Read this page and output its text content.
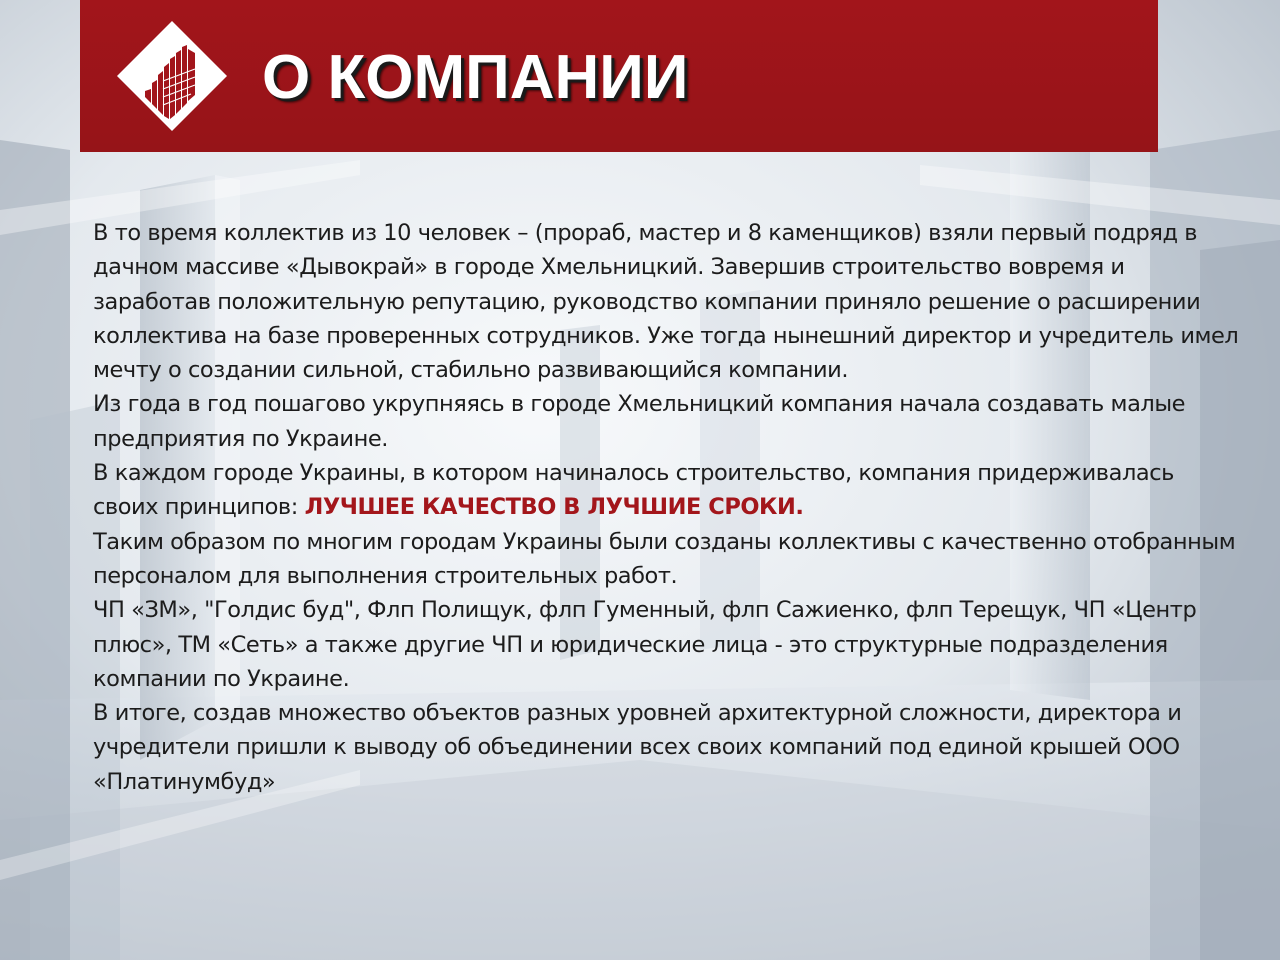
О КОМПАНИИ

В то время коллектив из 10 человек – (прораб, мастер и 8 каменщиков) взяли первый подряд в дачном массиве «Дывокрай» в городе Хмельницкий. Завершив строительство вовремя и заработав положительную репутацию, руководство компании приняло решение о расширении коллектива на базе проверенных сотрудников. Уже тогда нынешний директор и учредитель имел мечту о создании сильной, стабильно развивающийся компании.

Из года в год пошагово укрупняясь в городе Хмельницкий компания начала создавать малые предприятия по Украине.

В каждом городе Украины, в котором начиналось строительство, компания придерживалась своих принципов: ЛУЧШЕЕ КАЧЕСТВО В ЛУЧШИЕ СРОКИ.

Таким образом по многим городам Украины были созданы коллективы с качественно отобранным персоналом для выполнения строительных работ.

ЧП «ЗМ», "Голдис буд", Флп Полищук, флп Гуменный, флп Сажиенко, флп Терещук, ЧП «Центр плюс», ТМ «Сеть» а также другие ЧП и юридические лица - это структурные подразделения компании по Украине.

В итоге, создав множество объектов разных уровней архитектурной сложности, директора и учредители пришли к выводу об объединении всех своих компаний под единой крышей ООО «Платинумбуд»
